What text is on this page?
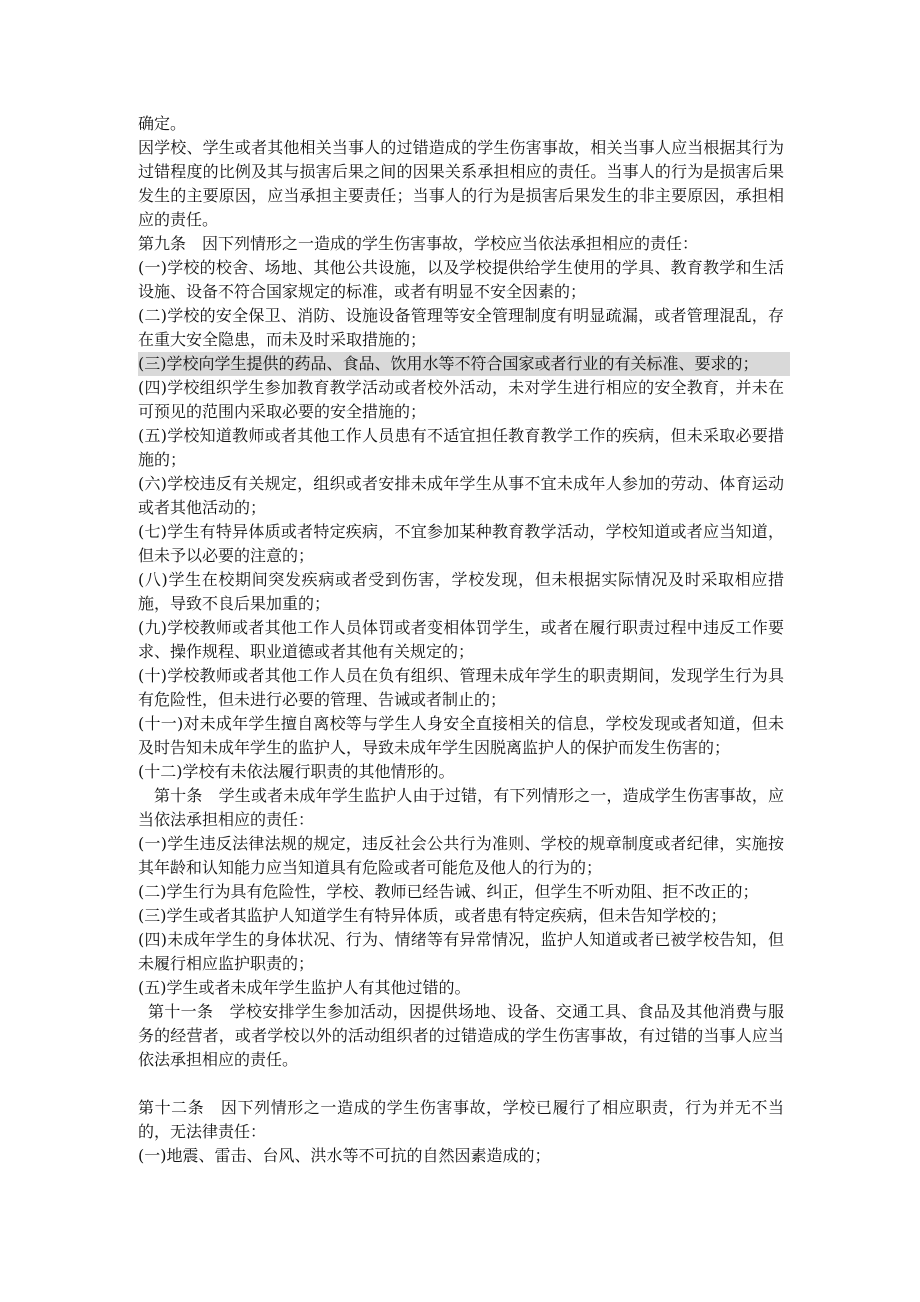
确定。

因学校、学生或者其他相关当事人的过错造成的学生伤害事故，相关当事人应当根据其行为过错程度的比例及其与损害后果之间的因果关系承担相应的责任。当事人的行为是损害后果发生的主要原因，应当承担主要责任；当事人的行为是损害后果发生的非主要原因，承担相应的责任。

第九条　因下列情形之一造成的学生伤害事故，学校应当依法承担相应的责任：

(一)学校的校舍、场地、其他公共设施，以及学校提供给学生使用的学具、教育教学和生活设施、设备不符合国家规定的标准，或者有明显不安全因素的；

(二)学校的安全保卫、消防、设施设备管理等安全管理制度有明显疏漏，或者管理混乱，存在重大安全隐患，而未及时采取措施的；

(三)学校向学生提供的药品、食品、饮用水等不符合国家或者行业的有关标准、要求的；

(四)学校组织学生参加教育教学活动或者校外活动，未对学生进行相应的安全教育，并未在可预见的范围内采取必要的安全措施的；

(五)学校知道教师或者其他工作人员患有不适宜担任教育教学工作的疾病，但未采取必要措施的；

(六)学校违反有关规定，组织或者安排未成年学生从事不宜未成年人参加的劳动、体育运动或者其他活动的；

(七)学生有特异体质或者特定疾病，不宜参加某种教育教学活动，学校知道或者应当知道，但未予以必要的注意的；

(八)学生在校期间突发疾病或者受到伤害，学校发现，但未根据实际情况及时采取相应措施，导致不良后果加重的；

(九)学校教师或者其他工作人员体罚或者变相体罚学生，或者在履行职责过程中违反工作要求、操作规程、职业道德或者其他有关规定的；

(十)学校教师或者其他工作人员在负有组织、管理未成年学生的职责期间，发现学生行为具有危险性，但未进行必要的管理、告诫或者制止的；

(十一)对未成年学生擅自离校等与学生人身安全直接相关的信息，学校发现或者知道，但未及时告知未成年学生的监护人，导致未成年学生因脱离监护人的保护而发生伤害的；

(十二)学校有未依法履行职责的其他情形的。

第十条　学生或者未成年学生监护人由于过错，有下列情形之一，造成学生伤害事故，应当依法承担相应的责任：

(一)学生违反法律法规的规定，违反社会公共行为准则、学校的规章制度或者纪律，实施按其年龄和认知能力应当知道具有危险或者可能危及他人的行为的；

(二)学生行为具有危险性，学校、教师已经告诫、纠正，但学生不听劝阻、拒不改正的；

(三)学生或者其监护人知道学生有特异体质，或者患有特定疾病，但未告知学校的；

(四)未成年学生的身体状况、行为、情绪等有异常情况，监护人知道或者已被学校告知，但未履行相应监护职责的；

(五)学生或者未成年学生监护人有其他过错的。

第十一条　学校安排学生参加活动，因提供场地、设备、交通工具、食品及其他消费与服务的经营者，或者学校以外的活动组织者的过错造成的学生伤害事故，有过错的当事人应当依法承担相应的责任。

第十二条　因下列情形之一造成的学生伤害事故，学校已履行了相应职责，行为并无不当的，无法律责任：

(一)地震、雷击、台风、洪水等不可抗的自然因素造成的；
